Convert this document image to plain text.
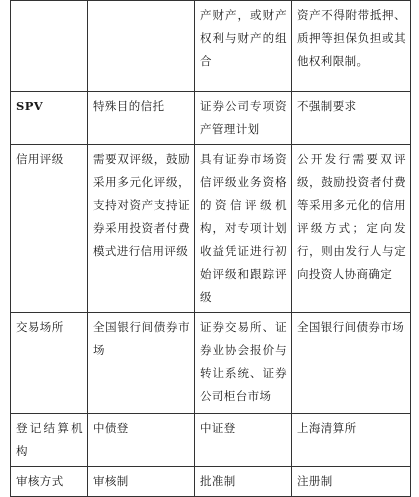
		产财产，或财产权利与财产的组合	资产不得附带抵押、质押等担保负担或其他权利限制。
SPV	特殊目的信托	证券公司专项资产管理计划	不强制要求
信用评级	需要双评级，鼓励采用多元化评级，支持对资产支持证券采用投资者付费模式进行信用评级	具有证券市场资信评级业务资格的资信评级机构，对专项计划收益凭证进行初始评级和跟踪评级	公开发行需要双评级，鼓励投资者付费等采用多元化的信用评级方式；定向发行，则由发行人与定向投资人协商确定
交易场所	全国银行间债券市场	证券交易所、证券业协会报价与转让系统、证券公司柜台市场	全国银行间债券市场
登记结算机构	中债登	中证登	上海清算所
审核方式	审核制	批准制	注册制
